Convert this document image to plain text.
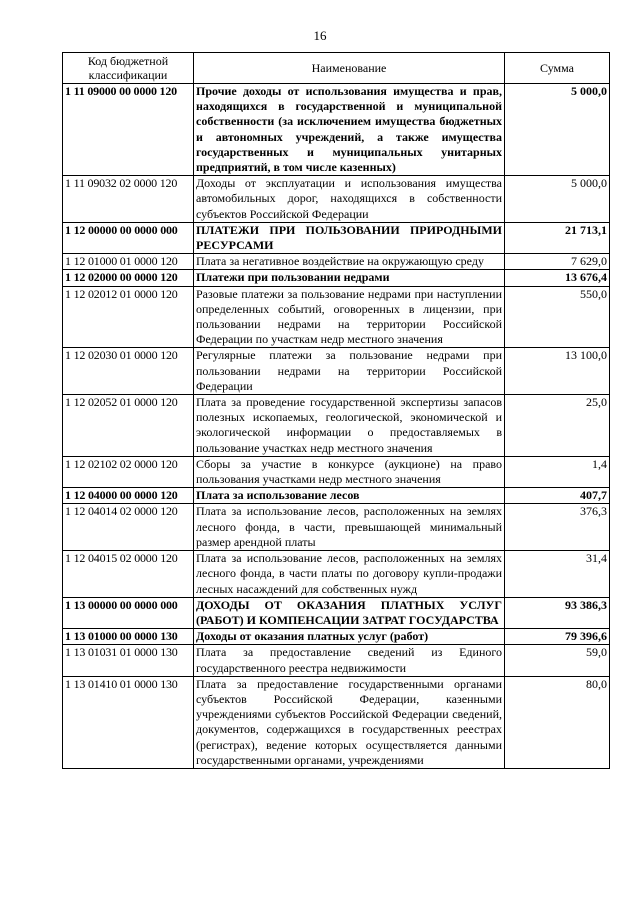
16
Код бюджетной классификации	Наименование	Сумма
1 11 09000 00 0000 120	Прочие доходы от использования имущества и прав, находящихся в государственной и муниципальной собственности (за исключением имущества бюджетных и автономных учреждений, а также имущества государственных и муниципальных унитарных предприятий, в том числе казенных)	5 000,0
1 11 09032 02 0000 120	Доходы от эксплуатации и использования имущества автомобильных дорог, находящихся в собственности субъектов Российской Федерации	5 000,0
1 12 00000 00 0000 000	ПЛАТЕЖИ ПРИ ПОЛЬЗОВАНИИ ПРИРОДНЫМИ РЕСУРСАМИ	21 713,1
1 12 01000 01 0000 120	Плата за негативное воздействие на окружающую среду	7 629,0
1 12 02000 00 0000 120	Платежи при пользовании недрами	13 676,4
1 12 02012 01 0000 120	Разовые платежи за пользование недрами при наступлении определенных событий, оговоренных в лицензии, при пользовании недрами на территории Российской Федерации по участкам недр местного значения	550,0
1 12 02030 01 0000 120	Регулярные платежи за пользование недрами при пользовании недрами на территории Российской Федерации	13 100,0
1 12 02052 01 0000 120	Плата за проведение государственной экспертизы запасов полезных ископаемых, геологической, экономической и экологической информации о предоставляемых в пользование участках недр местного значения	25,0
1 12 02102 02 0000 120	Сборы за участие в конкурсе (аукционе) на право пользования участками недр местного значения	1,4
1 12 04000 00 0000 120	Плата за использование лесов	407,7
1 12 04014 02 0000 120	Плата за использование лесов, расположенных на землях лесного фонда, в части, превышающей минимальный размер арендной платы	376,3
1 12 04015 02 0000 120	Плата за использование лесов, расположенных на землях лесного фонда, в части платы по договору купли-продажи лесных насаждений для собственных нужд	31,4
1 13 00000 00 0000 000	ДОХОДЫ ОТ ОКАЗАНИЯ ПЛАТНЫХ УСЛУГ (РАБОТ) И КОМПЕНСАЦИИ ЗАТРАТ ГОСУДАРСТВА	93 386,3
1 13 01000 00 0000 130	Доходы от оказания платных услуг (работ)	79 396,6
1 13 01031 01 0000 130	Плата за предоставление сведений из Единого государственного реестра недвижимости	59,0
1 13 01410 01 0000 130	Плата за предоставление государственными органами субъектов Российской Федерации, казенными учреждениями субъектов Российской Федерации сведений, документов, содержащихся в государственных реестрах (регистрах), ведение которых осуществляется данными государственными органами, учреждениями	80,0
